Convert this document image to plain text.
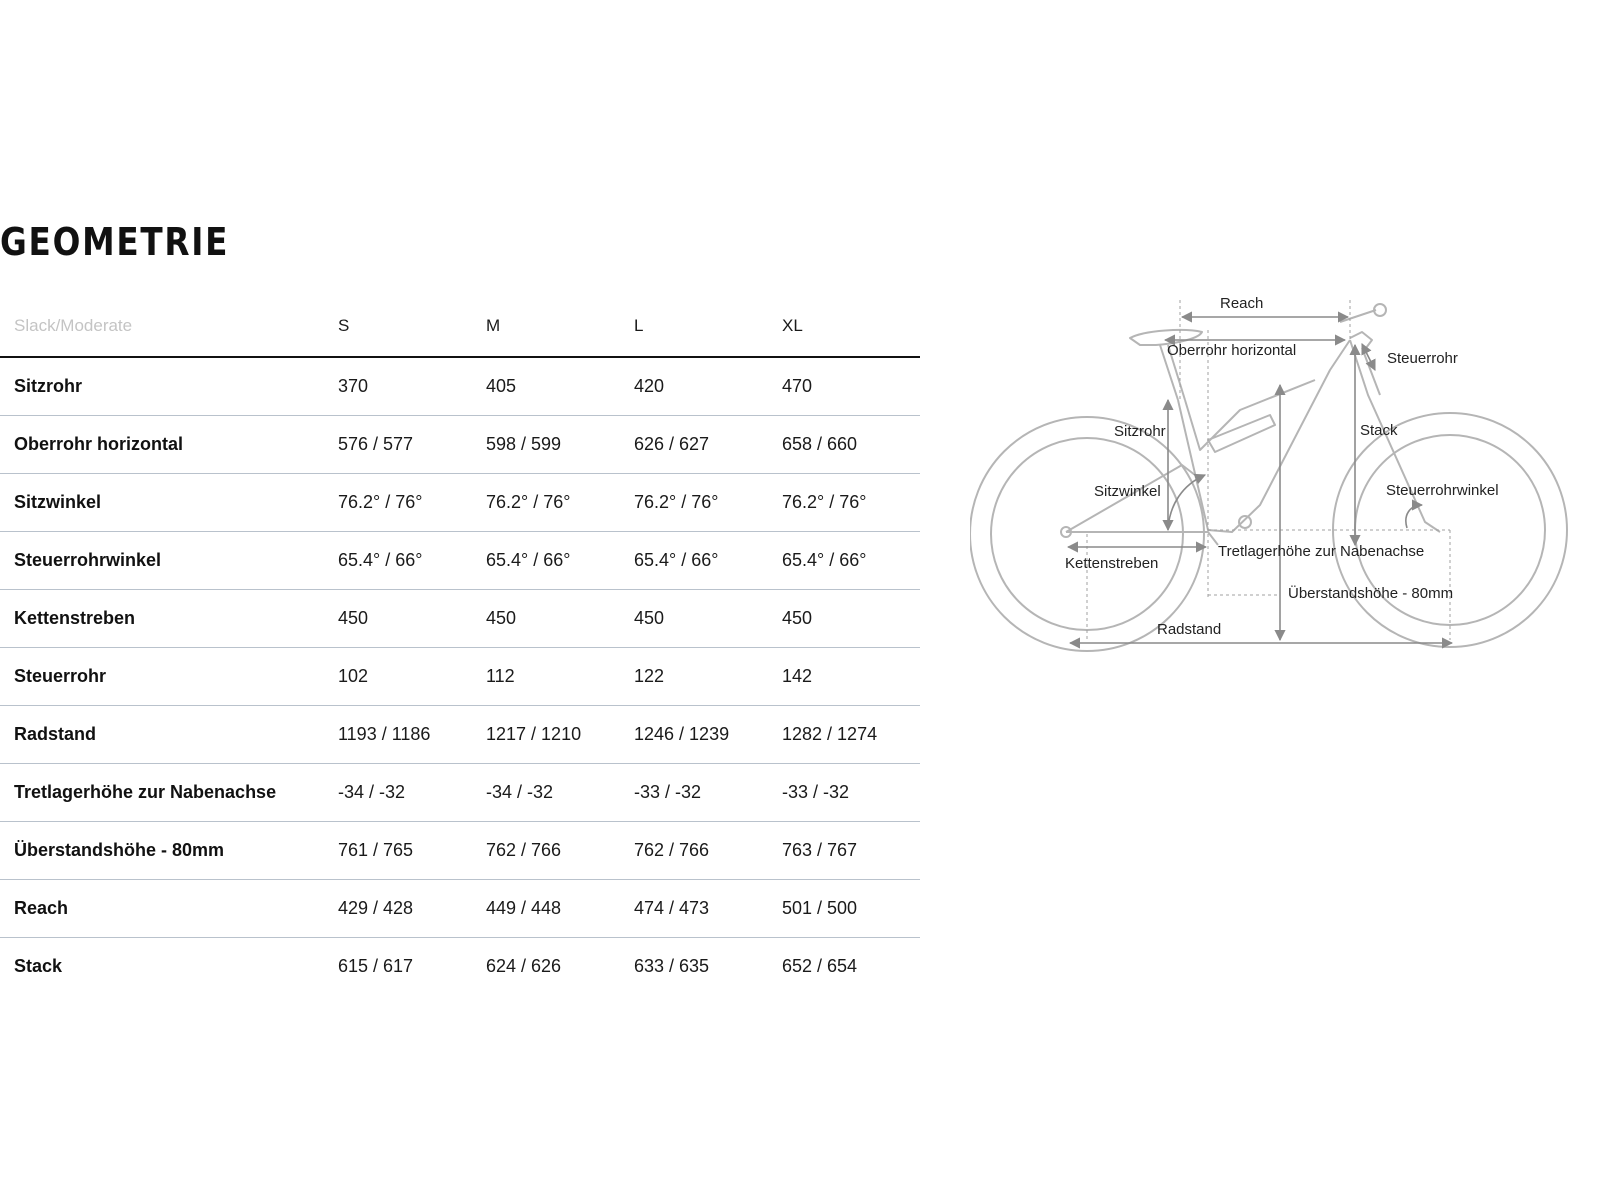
GEOMETRIE
Slack/Moderate	S	M	L	XL
Sitzrohr	370	405	420	470
Oberrohr horizontal	576 / 577	598 / 599	626 / 627	658 / 660
Sitzwinkel	76.2° / 76°	76.2° / 76°	76.2° / 76°	76.2° / 76°
Steuerrohrwinkel	65.4° / 66°	65.4° / 66°	65.4° / 66°	65.4° / 66°
Kettenstreben	450	450	450	450
Steuerrohr	102	112	122	142
Radstand	1193 / 1186	1217 / 1210	1246 / 1239	1282 / 1274
Tretlagerhöhe zur Nabenachse	-34 / -32	-34 / -32	-33 / -32	-33 / -32
Überstandshöhe - 80mm	761 / 765	762 / 766	762 / 766	763 / 767
Reach	429 / 428	449 / 448	474 / 473	501 / 500
Stack	615 / 617	624 / 626	633 / 635	652 / 654
Reach
Oberrohr horizontal	Steuerrohr
Sitzrohr	Stack
Sitzwinkel	Steuerrohrwinkel
Tretlagerhöhe zur Nabenachse
Kettenstreben
Überstandshöhe - 80mm
Radstand
